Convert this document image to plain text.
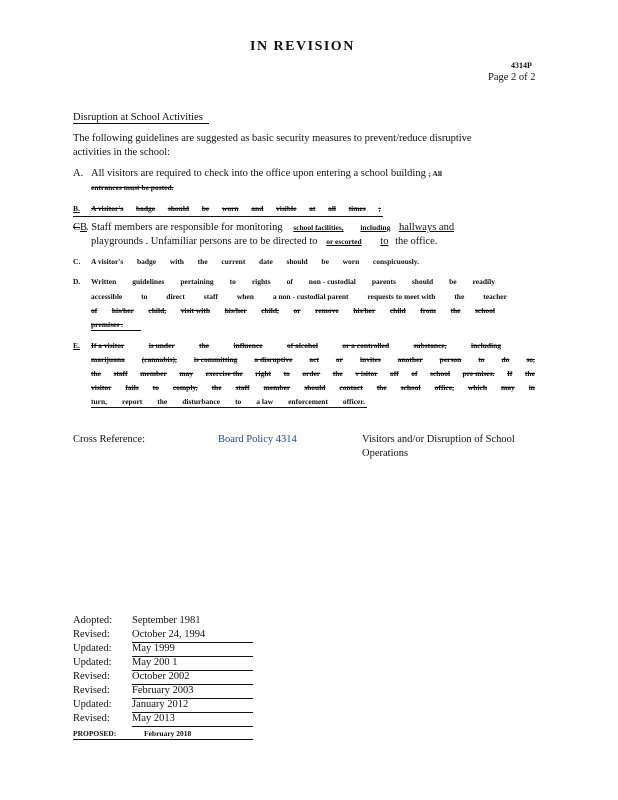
IN REVISION
4314P
Page 2 of 2
Disruption at School Activities
The following guidelines are suggested as basic security measures to prevent/reduce disruptive
activities in the school:
A. All visitors are required to check into the office upon entering a school building ; All
entrances must be posted.
B. A visitor's badge should be worn and visible at all times ;
CB
. Staff members are responsible for monitoring school facilities, including hallways and
playgrounds . Unfamiliar persons are to be directed to or escorted to the office.
C. A visitor's badge with the current date should be worn conspicuously.
D. Written guidelines pertaining to rights of non - custodial parents should be readily
accessible	to	direct	staff	when	a non - custodial parent	requests to meet with	the	teacher
of his/her child, visit with his/her child, or remove his/her child from the school
premises .
E. If a visitor	is under	the	influence	of alcohol	or a controlled	substance,	including
marijuana (cannabis), is committing a disruptive act or invites another person to do so,
the staff member may exercise the right to order the v isitor off of school pre mises. If the
visitor fails to comply, the staff member should contact the school office, which may in
turn, report the disturbance to a law enforcement officer.
Cross Reference:	Board Policy 4314	Visitors and/or Disruption of School
Operations
Adopted: September 1981
Revised: October 24, 1994
Updated: May 1999
Updated: May 200 1
Revised: October 2002
Revised: February 2003
Updated: January 2012
Revised: May 2013
PROPOSED:	February 2018
